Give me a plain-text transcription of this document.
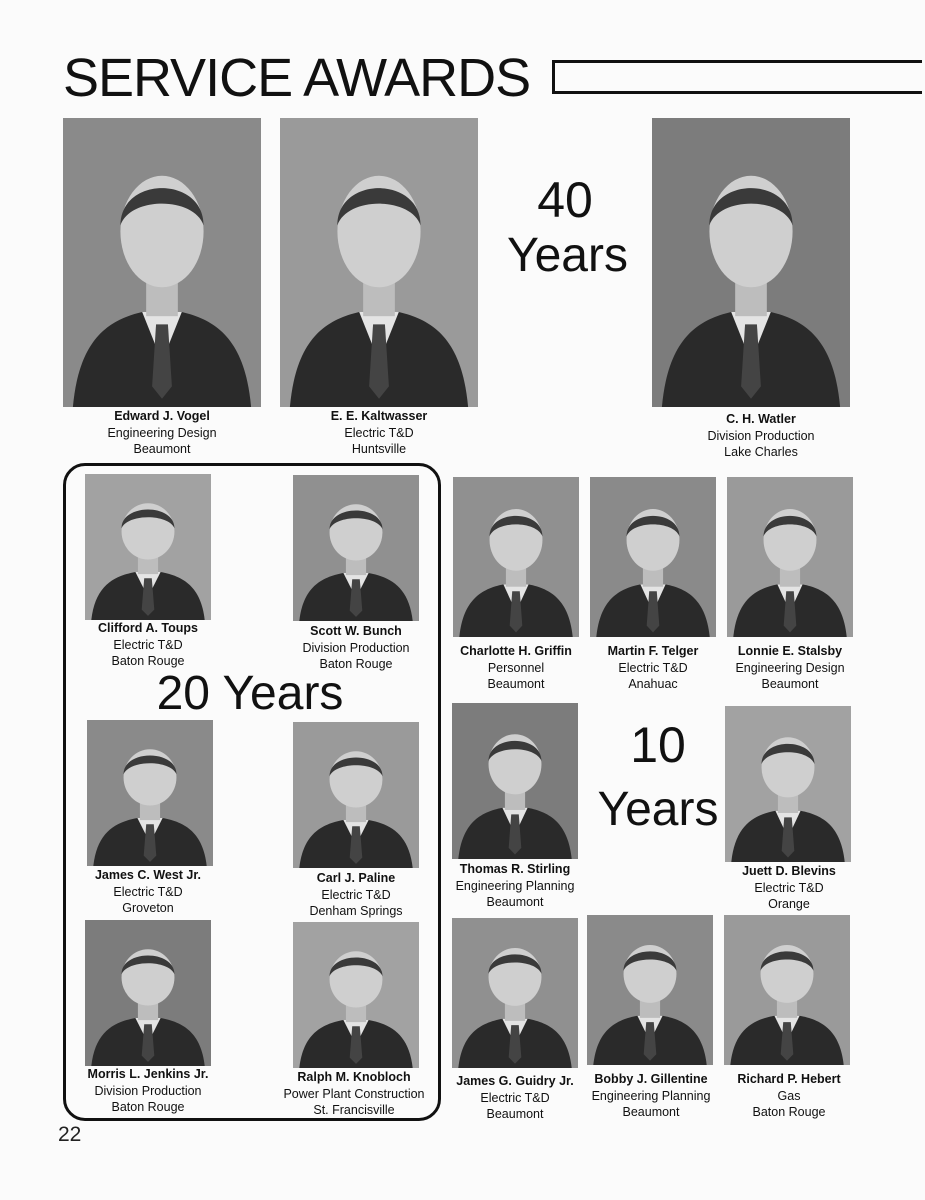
SERVICE AWARDS
40
Years
Edward J. Vogel
Engineering Design
Beaumont
E. E. Kaltwasser
Electric T&D
Huntsville
C. H. Watler
Division Production
Lake Charles
Clifford A. Toups
Electric T&D
Baton Rouge
Scott W. Bunch
Division Production
Baton Rouge
20 Years
James C. West Jr.
Electric T&D
Groveton
Carl J. Paline
Electric T&D
Denham Springs
Morris L. Jenkins Jr.
Division Production
Baton Rouge
Ralph M. Knobloch
Power Plant Construction
St. Francisville
Charlotte H. Griffin
Personnel
Beaumont
Martin F. Telger
Electric T&D
Anahuac
Lonnie E. Stalsby
Engineering Design
Beaumont
10
Years
Thomas R. Stirling
Engineering Planning
Beaumont
Juett D. Blevins
Electric T&D
Orange
James G. Guidry Jr.
Electric T&D
Beaumont
Bobby J. Gillentine
Engineering Planning
Beaumont
Richard P. Hebert
Gas
Baton Rouge
22
